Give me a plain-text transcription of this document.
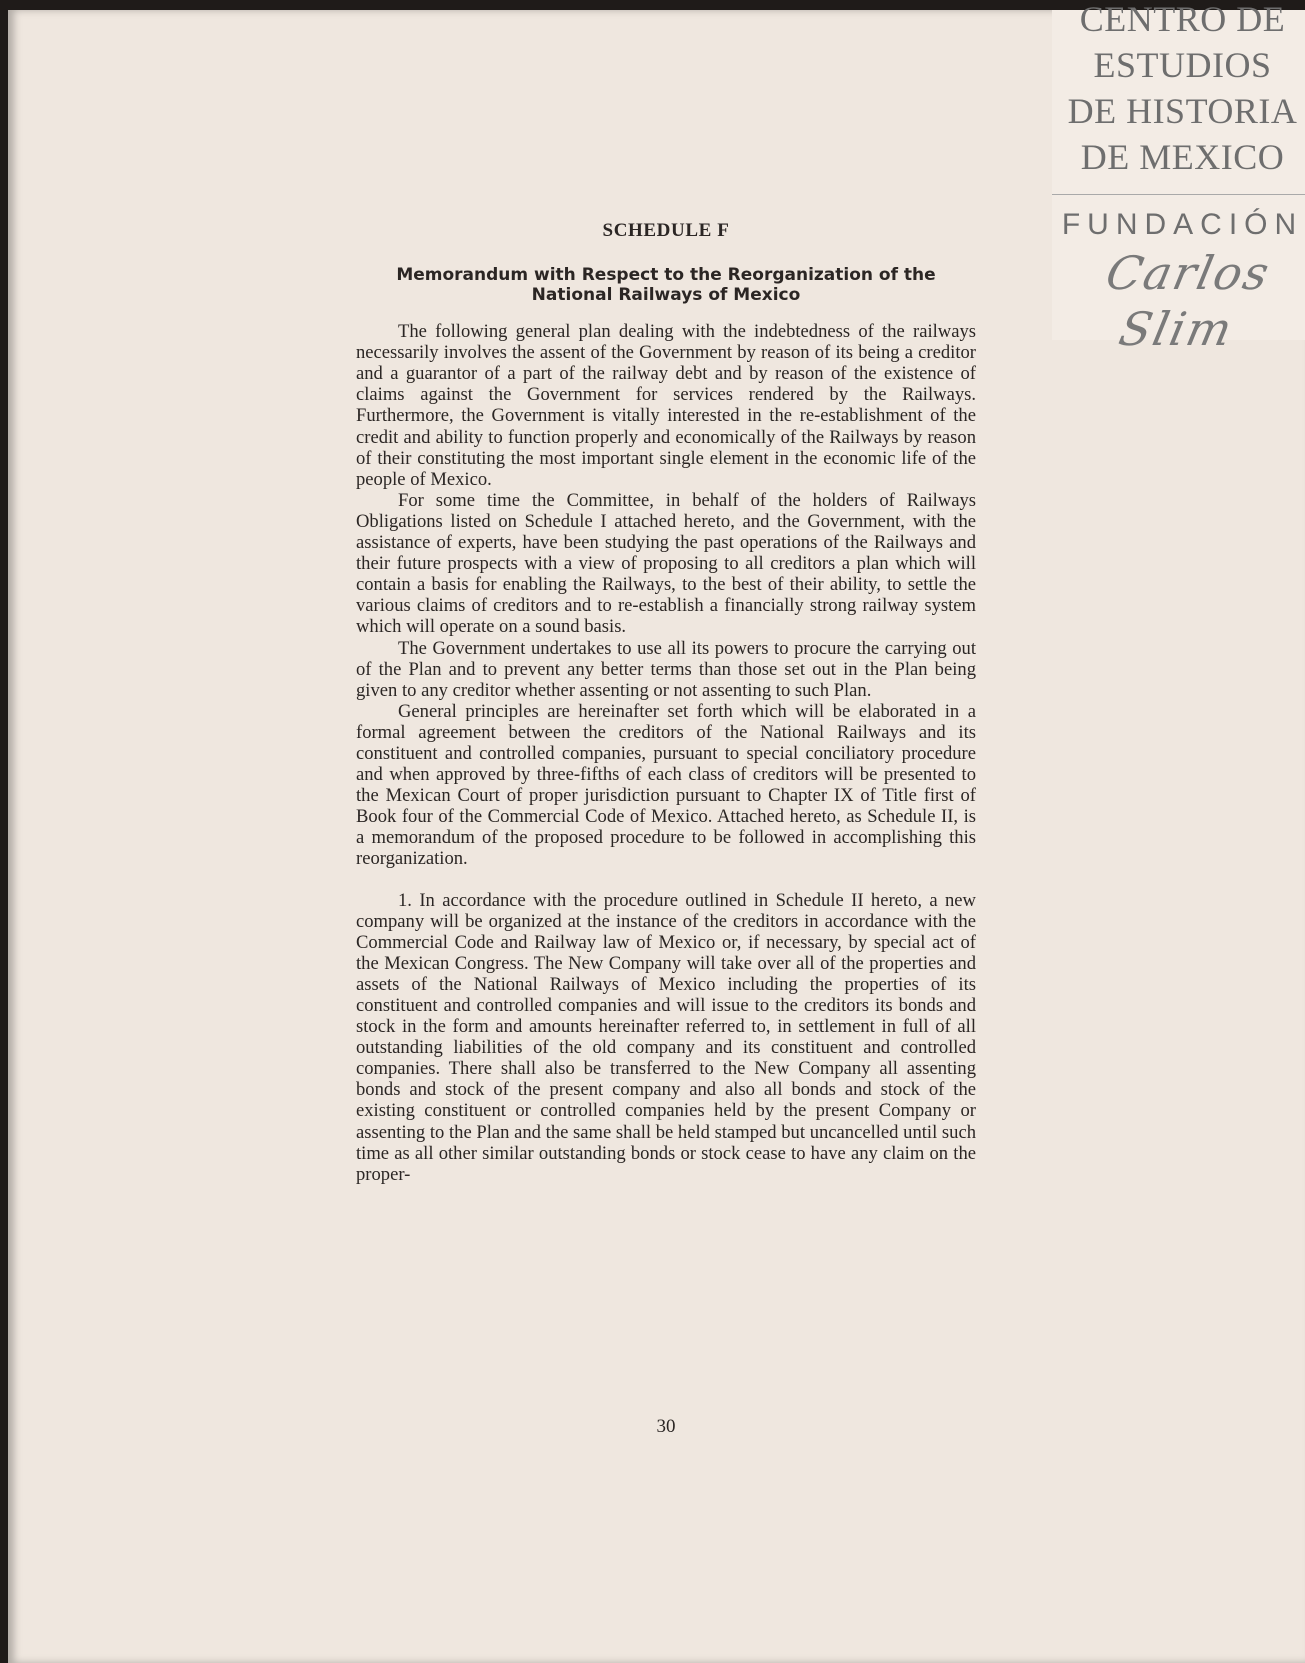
CENTRO DE
ESTUDIOS
DE HISTORIA
DE MEXICO
FUNDACIÓN
Carlos Slim
SCHEDULE F
Memorandum with Respect to the Reorganization of the
National Railways of Mexico

The following general plan dealing with the indebtedness of the railways necessarily involves the assent of the Government by reason of its being a creditor and a guarantor of a part of the railway debt and by reason of the existence of claims against the Government for services rendered by the Railways. Furthermore, the Government is vitally interested in the re-establishment of the credit and ability to function properly and economically of the Railways by reason of their constituting the most important single element in the economic life of the people of Mexico.

For some time the Committee, in behalf of the holders of Railways Obligations listed on Schedule I attached hereto, and the Government, with the assistance of experts, have been studying the past operations of the Railways and their future prospects with a view of proposing to all creditors a plan which will contain a basis for enabling the Railways, to the best of their ability, to settle the various claims of creditors and to re-establish a financially strong railway system which will operate on a sound basis.

The Government undertakes to use all its powers to procure the carrying out of the Plan and to prevent any better terms than those set out in the Plan being given to any creditor whether assenting or not assenting to such Plan.

General principles are hereinafter set forth which will be elaborated in a formal agreement between the creditors of the National Railways and its constituent and controlled companies, pursuant to special conciliatory procedure and when approved by three-fifths of each class of creditors will be presented to the Mexican Court of proper jurisdiction pursuant to Chapter IX of Title first of Book four of the Commercial Code of Mexico. Attached hereto, as Schedule II, is a memorandum of the proposed procedure to be followed in accomplishing this reorganization.

1. In accordance with the procedure outlined in Schedule II hereto, a new company will be organized at the instance of the creditors in accordance with the Commercial Code and Railway law of Mexico or, if necessary, by special act of the Mexican Congress. The New Company will take over all of the properties and assets of the National Railways of Mexico including the properties of its constituent and controlled companies and will issue to the creditors its bonds and stock in the form and amounts hereinafter referred to, in settlement in full of all outstanding liabilities of the old company and its constituent and controlled companies. There shall also be transferred to the New Company all assenting bonds and stock of the present company and also all bonds and stock of the existing constituent or controlled companies held by the present Company or assenting to the Plan and the same shall be held stamped but uncancelled until such time as all other similar outstanding bonds or stock cease to have any claim on the proper-

30
